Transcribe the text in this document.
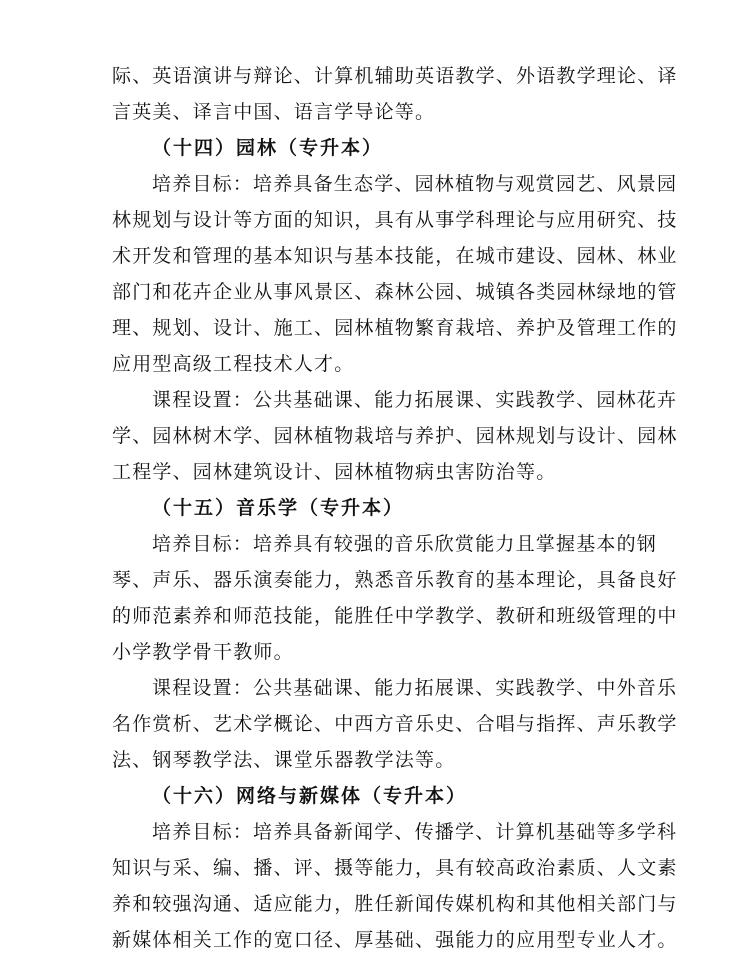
际、英语演讲与辩论、计算机辅助英语教学、外语教学理论、译
言英美、译言中国、语言学导论等。
（十四）园林（专升本）
培养目标：培养具备生态学、园林植物与观赏园艺、风景园
林规划与设计等方面的知识，具有从事学科理论与应用研究、技
术开发和管理的基本知识与基本技能，在城市建设、园林、林业
部门和花卉企业从事风景区、森林公园、城镇各类园林绿地的管
理、规划、设计、施工、园林植物繁育栽培、养护及管理工作的
应用型高级工程技术人才。
课程设置：公共基础课、能力拓展课、实践教学、园林花卉
学、园林树木学、园林植物栽培与养护、园林规划与设计、园林
工程学、园林建筑设计、园林植物病虫害防治等。
（十五）音乐学（专升本）
培养目标：培养具有较强的音乐欣赏能力且掌握基本的钢
琴、声乐、器乐演奏能力，熟悉音乐教育的基本理论，具备良好
的师范素养和师范技能，能胜任中学教学、教研和班级管理的中
小学教学骨干教师。
课程设置：公共基础课、能力拓展课、实践教学、中外音乐
名作赏析、艺术学概论、中西方音乐史、合唱与指挥、声乐教学
法、钢琴教学法、课堂乐器教学法等。
（十六）网络与新媒体（专升本）
培养目标：培养具备新闻学、传播学、计算机基础等多学科
知识与采、编、播、评、摄等能力，具有较高政治素质、人文素
养和较强沟通、适应能力，胜任新闻传媒机构和其他相关部门与
新媒体相关工作的宽口径、厚基础、强能力的应用型专业人才。
